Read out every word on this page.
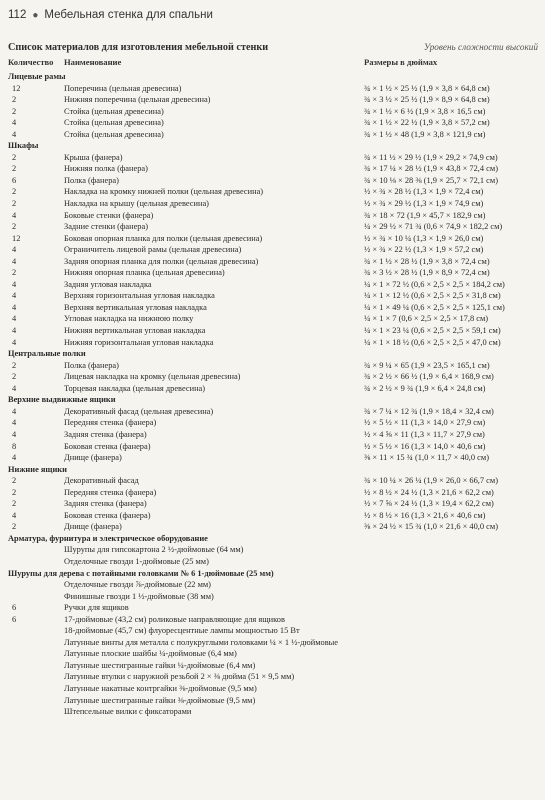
112 ● Мебельная стенка для спальни
Список материалов для изготовления мебельной стенки	Уровень сложности высокий
Количество Наименование	Размеры в дюймах
Лицевые рамы
12	Поперечина (цельная древесина)	¾ × 1 ½ × 25 ½ (1,9 × 3,8 × 64,8 см)
2	Нижняя поперечина (цельная древесина)	¾ × 3 ½ × 25 ½ (1,9 × 8,9 × 64,8 см)
2	Стойка (цельная древесина)	¾ × 1 ½ × 6 ½ (1,9 × 3,8 × 16,5 см)
4	Стойка (цельная древесина)	¾ × 1 ½ × 22 ½ (1,9 × 3,8 × 57,2 см)
4	Стойка (цельная древесина)	¾ × 1 ½ × 48 (1,9 × 3,8 × 121,9 см)
Шкафы
2	Крыша (фанера)	¾ × 11 ½ × 29 ½ (1,9 × 29,2 × 74,9 см)
2	Нижняя полка (фанера)	¾ × 17 ¼ × 28 ½ (1,9 × 43,8 × 72,4 см)
6	Полка (фанера)	¾ × 10 ⅛ × 28 ⅜ (1,9 × 25,7 × 72,1 см)
2	Накладка на кромку нижней полки (цельная древесина)	½ × ¾ × 28 ½ (1,3 × 1,9 × 72,4 см)
2	Накладка на крышу (цельная древесина)	½ × ¾ × 29 ½ (1,3 × 1,9 × 74,9 см)
4	Боковые стенки (фанера)	¾ × 18 × 72 (1,9 × 45,7 × 182,9 см)
2	Задние стенки (фанера)	¼ × 29 ½ × 71 ¾ (0,6 × 74,9 × 182,2 см)
12	Боковая опорная планка для полки (цельная древесина)	½ × ¾ × 10 ¼ (1,3 × 1,9 × 26,0 см)
4	Ограничитель лицевой рамы (цельная древесина)	½ × ¾ × 22 ½ (1,3 × 1,9 × 57,2 см)
4	Задняя опорная планка для полки (цельная древесина)	¾ × 1 ½ × 28 ½ (1,9 × 3,8 × 72,4 см)
2	Нижняя опорная планка (цельная древесина)	¾ × 3 ½ × 28 ½ (1,9 × 8,9 × 72,4 см)
4	Задняя угловая накладка	¼ × 1 × 72 ½ (0,6 × 2,5 × 2,5 × 184,2 см)
4	Верхняя горизонтальная угловая накладка	¼ × 1 × 12 ½ (0,6 × 2,5 × 2,5 × 31,8 см)
4	Верхняя вертикальная угловая накладка	¼ × 1 × 49 ¼ (0,6 × 2,5 × 2,5 × 125,1 см)
4	Угловая накладка на нижнюю полку	¼ × 1 × 7 (0,6 × 2,5 × 2,5 × 17,8 см)
4	Нижняя вертикальная угловая накладка	¼ × 1 × 23 ¼ (0,6 × 2,5 × 2,5 × 59,1 см)
4	Нижняя горизонтальная угловая накладка	¼ × 1 × 18 ½ (0,6 × 2,5 × 2,5 × 47,0 см)
Центральные полки
2	Полка (фанера)	¾ × 9 ¼ × 65 (1,9 × 23,5 × 165,1 см)
2	Лицевая накладка на кромку (цельная древесина)	¾ × 2 ½ × 66 ½ (1,9 × 6,4 × 168,9 см)
4	Торцевая накладка (цельная древесина)	¾ × 2 ½ × 9 ¾ (1,9 × 6,4 × 24,8 см)
Верхние выдвижные ящики
4	Декоративный фасад (цельная древесина)	¾ × 7 ¼ × 12 ¾ (1,9 × 18,4 × 32,4 см)
4	Передняя стенка (фанера)	½ × 5 ½ × 11 (1,3 × 14,0 × 27,9 см)
4	Задняя стенка (фанера)	½ × 4 ⅝ × 11 (1,3 × 11,7 × 27,9 см)
8	Боковая стенка (фанера)	½ × 5 ½ × 16 (1,3 × 14,0 × 40,6 см)
4	Днище (фанера)	⅜ × 11 × 15 ¾ (1,0 × 11,7 × 40,0 см)
Нижние ящики
2	Декоративный фасад	¾ × 10 ¼ × 26 ¼ (1,9 × 26,0 × 66,7 см)
2	Передняя стенка (фанера)	½ × 8 ½ × 24 ½ (1,3 × 21,6 × 62,2 см)
2	Задняя стенка (фанера)	½ × 7 ⅝ × 24 ½ (1,3 × 19,4 × 62,2 см)
4	Боковая стенка (фанера)	½ × 8 ½ × 16 (1,3 × 21,6 × 40,6 см)
2	Днище (фанера)	⅜ × 24 ½ × 15 ¾ (1,0 × 21,6 × 40,0 см)
Арматура, фурнитура и электрическое оборудование
Шурупы для гипсокартона 2 ½-дюймовые (64 мм)
Отделочные гвозди 1-дюймовые (25 мм)
Шурупы для дерева с потайными головками № 6 1-дюймовые (25 мм)
Отделочные гвозди ⅞-дюймовые (22 мм)
Финишные гвозди 1 ½-дюймовые (38 мм)
6	Ручки для ящиков
6	17-дюймовые (43,2 см) роликовые направляющие для ящиков
18-дюймовые (45,7 см) флуоресцентные лампы мощностью 15 Вт
Латунные винты для металла с полукруглыми головками ¼ × 1 ½-дюймовые
Латунные плоские шайбы ¼-дюймовые (6,4 мм)
Латунные шестигранные гайки ¼-дюймовые (6,4 мм)
Латунные втулки с наружной резьбой 2 × ⅜ дюйма (51 × 9,5 мм)
Латунные накатные контргайки ⅜-дюймовые (9,5 мм)
Латунные шестигранные гайки ⅜-дюймовые (9,5 мм)
Штепсельные вилки с фиксаторами
